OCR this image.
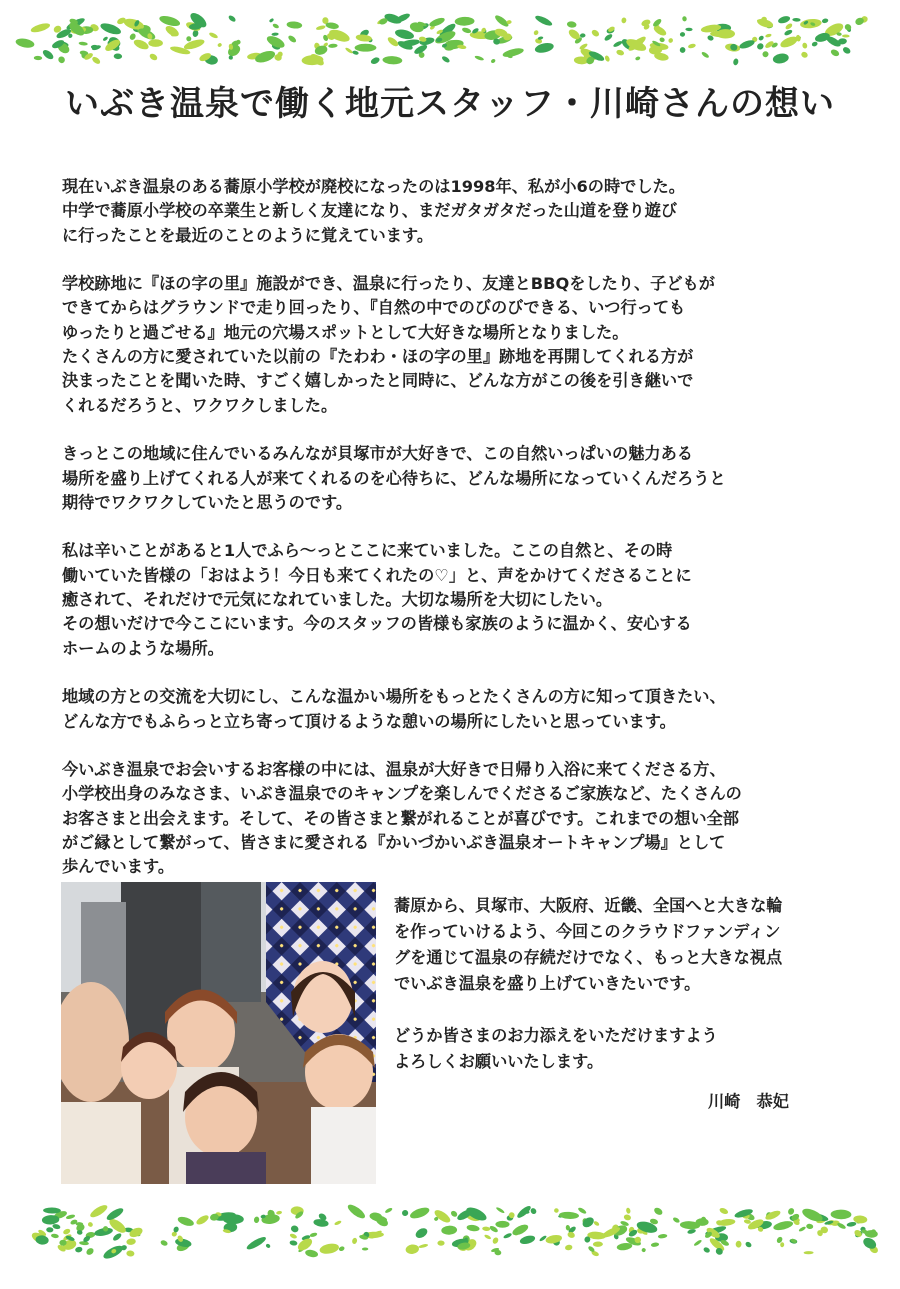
いぶき温泉で働く地元スタッフ・川崎さんの想い
現在いぶき温泉のある蕎原小学校が廃校になったのは1998年、私が小6の時でした。
中学で蕎原小学校の卒業生と新しく友達になり、まだガタガタだった山道を登り遊び
に行ったことを最近のことのように覚えています。
学校跡地に『ほの字の里』施設ができ、温泉に行ったり、友達とBBQをしたり、子どもが
できてからはグラウンドで走り回ったり、『自然の中でのびのびできる、いつ行っても
ゆったりと過ごせる』地元の穴場スポットとして大好きな場所となりました。
たくさんの方に愛されていた以前の『たわわ・ほの字の里』跡地を再開してくれる方が
決まったことを聞いた時、すごく嬉しかったと同時に、どんな方がこの後を引き継いで
くれるだろうと、ワクワクしました。
きっとこの地域に住んでいるみんなが貝塚市が大好きで、この自然いっぱいの魅力ある
場所を盛り上げてくれる人が来てくれるのを心待ちに、どんな場所になっていくんだろうと
期待でワクワクしていたと思うのです。
私は辛いことがあると1人でふら〜っとここに来ていました。ここの自然と、その時
働いていた皆様の「おはよう！今日も来てくれたの♡」と、声をかけてくださることに
癒されて、それだけで元気になれていました。大切な場所を大切にしたい。
その想いだけで今ここにいます。今のスタッフの皆様も家族のように温かく、安心する
ホームのような場所。
地域の方との交流を大切にし、こんな温かい場所をもっとたくさんの方に知って頂きたい、
どんな方でもふらっと立ち寄って頂けるような憩いの場所にしたいと思っています。
今いぶき温泉でお会いするお客様の中には、温泉が大好きで日帰り入浴に来てくださる方、
小学校出身のみなさま、いぶき温泉でのキャンプを楽しんでくださるご家族など、たくさんの
お客さまと出会えます。そして、その皆さまと繋がれることが喜びです。これまでの想い全部
がご縁として繋がって、皆さまに愛される『かいづかいぶき温泉オートキャンプ場』として
歩んでいます。
蕎原から、貝塚市、大阪府、近畿、全国へと大きな輪
を作っていけるよう、今回このクラウドファンディン
グを通じて温泉の存続だけでなく、もっと大きな視点
でいぶき温泉を盛り上げていきたいです。
どうか皆さまのお力添えをいただけますよう
よろしくお願いいたします。
川崎　恭妃
